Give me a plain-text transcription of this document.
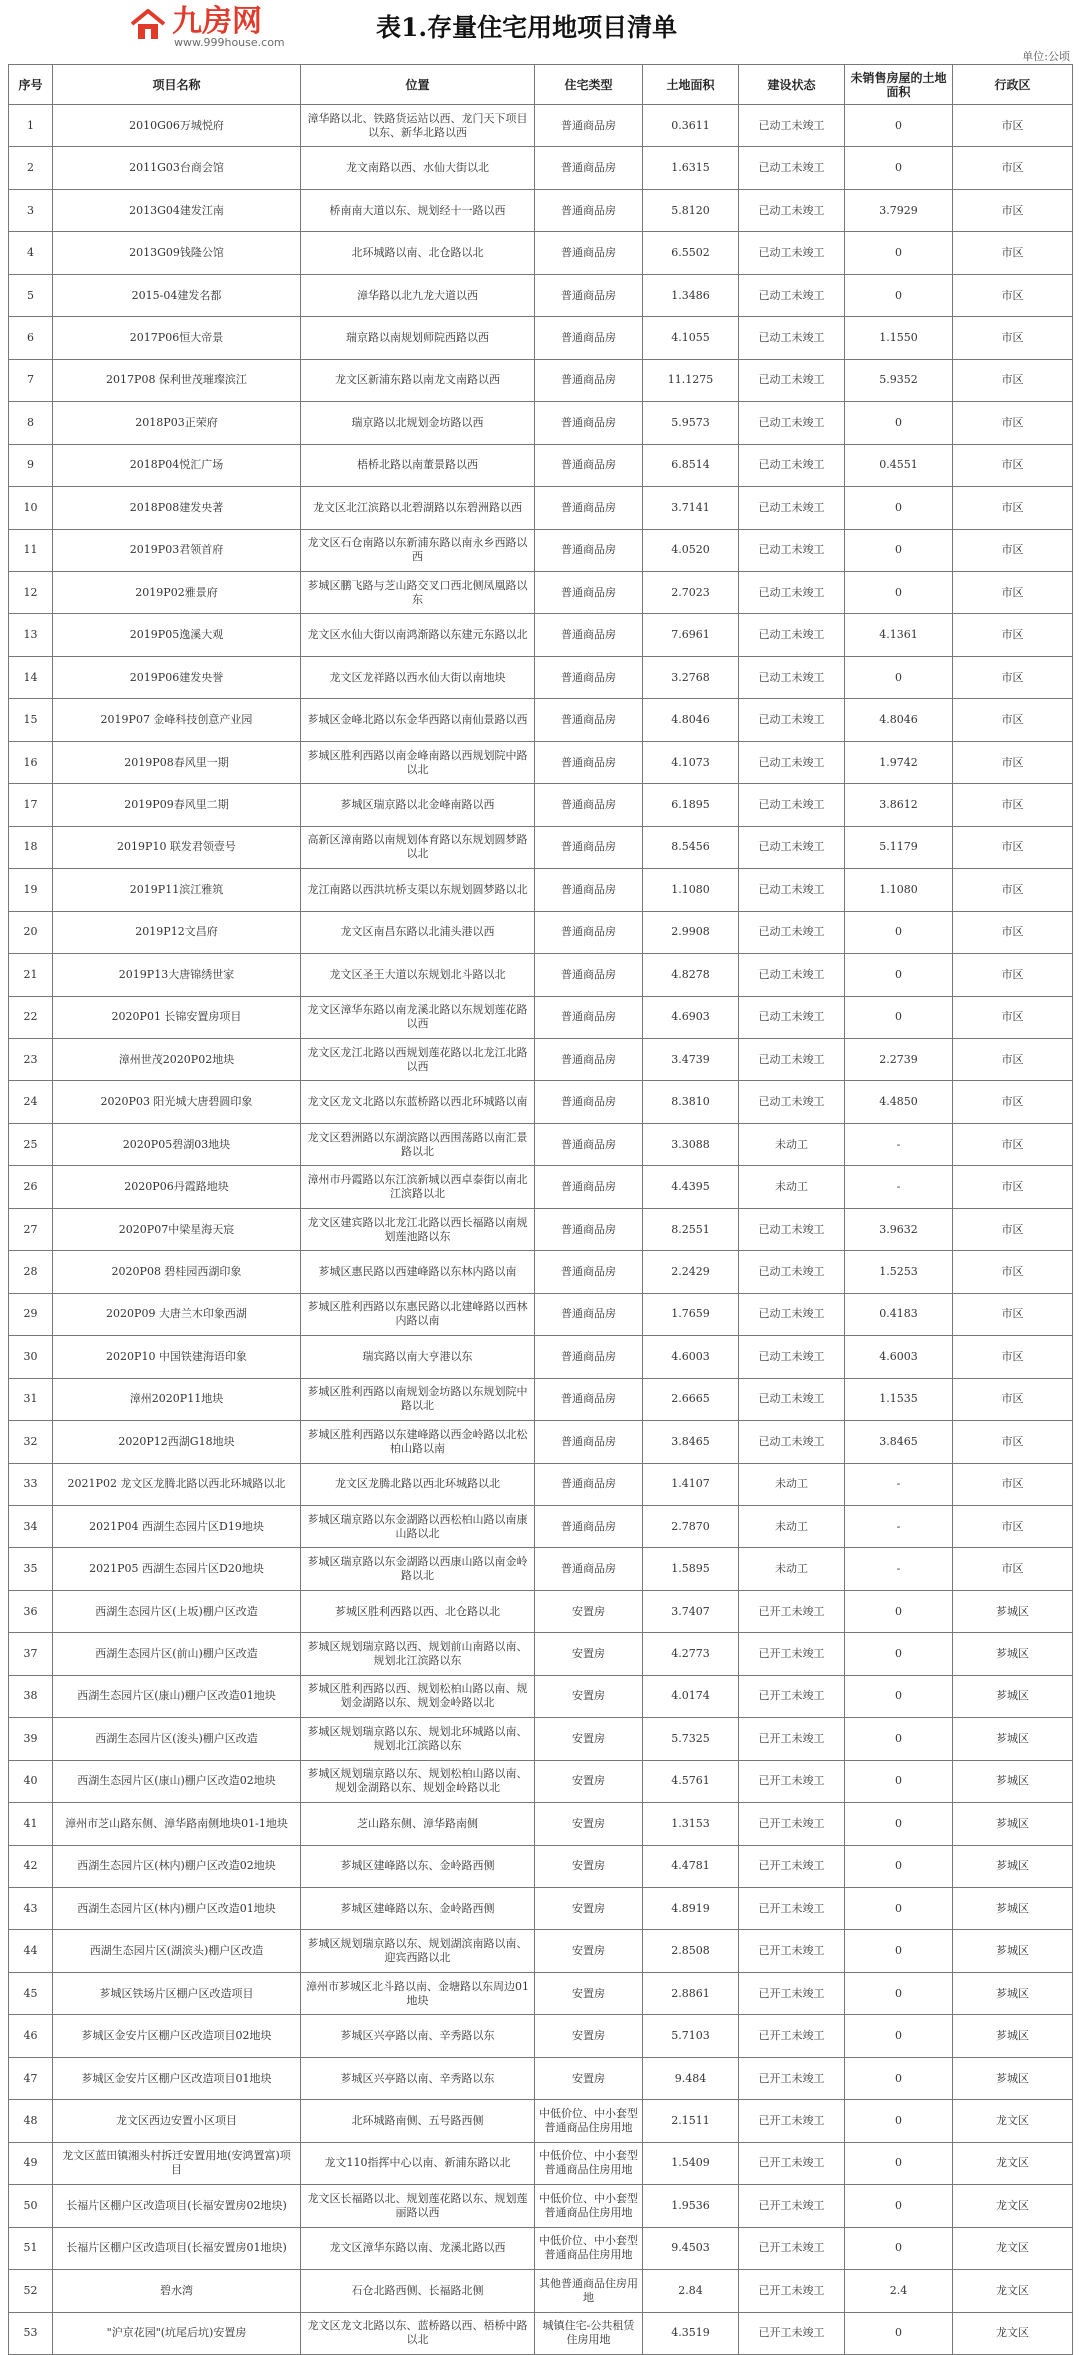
九房网
www.999house.com
表1.存量住宅用地项目清单
单位:公顷
序号	项目名称	位置	住宅类型	土地面积	建设状态	未销售房屋的土地面积	行政区
1	2010G06万城悦府	漳华路以北、铁路货运站以西、龙门天下项目以东、新华北路以西	普通商品房	0.3611	已动工未竣工	0	市区
2	2011G03台商会馆	龙文南路以西、水仙大街以北	普通商品房	1.6315	已动工未竣工	0	市区
3	2013G04建发江南	桥南南大道以东、规划经十一路以西	普通商品房	5.8120	已动工未竣工	3.7929	市区
4	2013G09钱隆公馆	北环城路以南、北仓路以北	普通商品房	6.5502	已动工未竣工	0	市区
5	2015-04建发名都	漳华路以北九龙大道以西	普通商品房	1.3486	已动工未竣工	0	市区
6	2017P06恒大帝景	瑞京路以南规划师院西路以西	普通商品房	4.1055	已动工未竣工	1.1550	市区
7	2017P08 保利世茂璀璨滨江	龙文区新浦东路以南龙文南路以西	普通商品房	11.1275	已动工未竣工	5.9352	市区
8	2018P03正荣府	瑞京路以北规划金坊路以西	普通商品房	5.9573	已动工未竣工	0	市区
9	2018P04悦汇广场	梧桥北路以南董景路以西	普通商品房	6.8514	已动工未竣工	0.4551	市区
10	2018P08建发央著	龙文区北江滨路以北碧湖路以东碧洲路以西	普通商品房	3.7141	已动工未竣工	0	市区
11	2019P03君领首府	龙文区石仓南路以东新浦东路以南永乡西路以西	普通商品房	4.0520	已动工未竣工	0	市区
12	2019P02雅景府	芗城区鹏飞路与芝山路交叉口西北侧凤凰路以东	普通商品房	2.7023	已动工未竣工	0	市区
13	2019P05逸溪大观	龙文区水仙大街以南鸿渐路以东建元东路以北	普通商品房	7.6961	已动工未竣工	4.1361	市区
14	2019P06建发央誉	龙文区龙祥路以西水仙大街以南地块	普通商品房	3.2768	已动工未竣工	0	市区
15	2019P07 金峰科技创意产业园	芗城区金峰北路以东金华西路以南仙景路以西	普通商品房	4.8046	已动工未竣工	4.8046	市区
16	2019P08春风里一期	芗城区胜利西路以南金峰南路以西规划院中路以北	普通商品房	4.1073	已动工未竣工	1.9742	市区
17	2019P09春风里二期	芗城区瑞京路以北金峰南路以西	普通商品房	6.1895	已动工未竣工	3.8612	市区
18	2019P10 联发君领壹号	高新区漳南路以南规划体育路以东规划圆梦路以北	普通商品房	8.5456	已动工未竣工	5.1179	市区
19	2019P11滨江雅筑	龙江南路以西洪坑桥支渠以东规划圆梦路以北	普通商品房	1.1080	已动工未竣工	1.1080	市区
20	2019P12文昌府	龙文区南昌东路以北浦头港以西	普通商品房	2.9908	已动工未竣工	0	市区
21	2019P13大唐锦绣世家	龙文区圣王大道以东规划北斗路以北	普通商品房	4.8278	已动工未竣工	0	市区
22	2020P01 长锦安置房项目	龙文区漳华东路以南龙溪北路以东规划莲花路以西	普通商品房	4.6903	已动工未竣工	0	市区
23	漳州世茂2020P02地块	龙文区龙江北路以西规划莲花路以北龙江北路以西	普通商品房	3.4739	已动工未竣工	2.2739	市区
24	2020P03 阳光城大唐碧圆印象	龙文区龙文北路以东蓝桥路以西北环城路以南	普通商品房	8.3810	已动工未竣工	4.4850	市区
25	2020P05碧湖03地块	龙文区碧洲路以东湖滨路以西围荡路以南汇景路以北	普通商品房	3.3088	未动工	-	市区
26	2020P06丹霞路地块	漳州市丹霞路以东江滨新城以西卓泰街以南北江滨路以北	普通商品房	4.4395	未动工	-	市区
27	2020P07中梁星海天宸	龙文区建宾路以北龙江北路以西长福路以南规划莲池路以东	普通商品房	8.2551	已动工未竣工	3.9632	市区
28	2020P08 碧桂园西湖印象	芗城区惠民路以西建峰路以东林内路以南	普通商品房	2.2429	已动工未竣工	1.5253	市区
29	2020P09 大唐兰木印象西湖	芗城区胜利西路以东惠民路以北建峰路以西林内路以南	普通商品房	1.7659	已动工未竣工	0.4183	市区
30	2020P10 中国铁建海语印象	瑞宾路以南大亨港以东	普通商品房	4.6003	已动工未竣工	4.6003	市区
31	漳州2020P11地块	芗城区胜利西路以南规划金坊路以东规划院中路以北	普通商品房	2.6665	已动工未竣工	1.1535	市区
32	2020P12西湖G18地块	芗城区胜利西路以东建峰路以西金岭路以北松柏山路以南	普通商品房	3.8465	已动工未竣工	3.8465	市区
33	2021P02 龙文区龙腾北路以西北环城路以北	龙文区龙腾北路以西北环城路以北	普通商品房	1.4107	未动工	-	市区
34	2021P04 西湖生态园片区D19地块	芗城区瑞京路以东金湖路以西松柏山路以南康山路以北	普通商品房	2.7870	未动工	-	市区
35	2021P05 西湖生态园片区D20地块	芗城区瑞京路以东金湖路以西康山路以南金岭路以北	普通商品房	1.5895	未动工	-	市区
36	西湖生态园片区(上坂)棚户区改造	芗城区胜利西路以西、北仓路以北	安置房	3.7407	已开工未竣工	0	芗城区
37	西湖生态园片区(前山)棚户区改造	芗城区规划瑞京路以西、规划前山南路以南、规划北江滨路以东	安置房	4.2773	已开工未竣工	0	芗城区
38	西湖生态园片区(康山)棚户区改造01地块	芗城区胜利西路以西、规划松柏山路以南、规划金湖路以东、规划金岭路以北	安置房	4.0174	已开工未竣工	0	芗城区
39	西湖生态园片区(浚头)棚户区改造	芗城区规划瑞京路以东、规划北环城路以南、规划北江滨路以东	安置房	5.7325	已开工未竣工	0	芗城区
40	西湖生态园片区(康山)棚户区改造02地块	芗城区规划瑞京路以东、规划松柏山路以南、规划金湖路以东、规划金岭路以北	安置房	4.5761	已开工未竣工	0	芗城区
41	漳州市芝山路东侧、漳华路南侧地块01-1地块	芝山路东侧、漳华路南侧	安置房	1.3153	已开工未竣工	0	芗城区
42	西湖生态园片区(林内)棚户区改造02地块	芗城区建峰路以东、金岭路西侧	安置房	4.4781	已开工未竣工	0	芗城区
43	西湖生态园片区(林内)棚户区改造01地块	芗城区建峰路以东、金岭路西侧	安置房	4.8919	已开工未竣工	0	芗城区
44	西湖生态园片区(湖滨头)棚户区改造	芗城区规划瑞京路以东、规划湖滨南路以南、迎宾西路以北	安置房	2.8508	已开工未竣工	0	芗城区
45	芗城区铁场片区棚户区改造项目	漳州市芗城区北斗路以南、金塘路以东周边01地块	安置房	2.8861	已开工未竣工	0	芗城区
46	芗城区金安片区棚户区改造项目02地块	芗城区兴亭路以南、辛秀路以东	安置房	5.7103	已开工未竣工	0	芗城区
47	芗城区金安片区棚户区改造项目01地块	芗城区兴亭路以南、辛秀路以东	安置房	9.484	已开工未竣工	0	芗城区
48	龙文区西边安置小区项目	北环城路南侧、五号路西侧	中低价位、中小套型普通商品住房用地	2.1511	已开工未竣工	0	龙文区
49	龙文区蓝田镇湘头村拆迁安置用地(安鸿置富)项目	龙文110指挥中心以南、新浦东路以北	中低价位、中小套型普通商品住房用地	1.5409	已开工未竣工	0	龙文区
50	长福片区棚户区改造项目(长福安置房02地块)	龙文区长福路以北、规划莲花路以东、规划莲丽路以西	中低价位、中小套型普通商品住房用地	1.9536	已开工未竣工	0	龙文区
51	长福片区棚户区改造项目(长福安置房01地块)	龙文区漳华东路以南、龙溪北路以西	中低价位、中小套型普通商品住房用地	9.4503	已开工未竣工	0	龙文区
52	碧水湾	石仓北路西侧、长福路北侧	其他普通商品住房用地	2.84	已开工未竣工	2.4	龙文区
53	"沪京花园"(坑尾后坑)安置房	龙文区龙文北路以东、蓝桥路以西、梧桥中路以北	城镇住宅-公共租赁住房用地	4.3519	已开工未竣工	0	龙文区
